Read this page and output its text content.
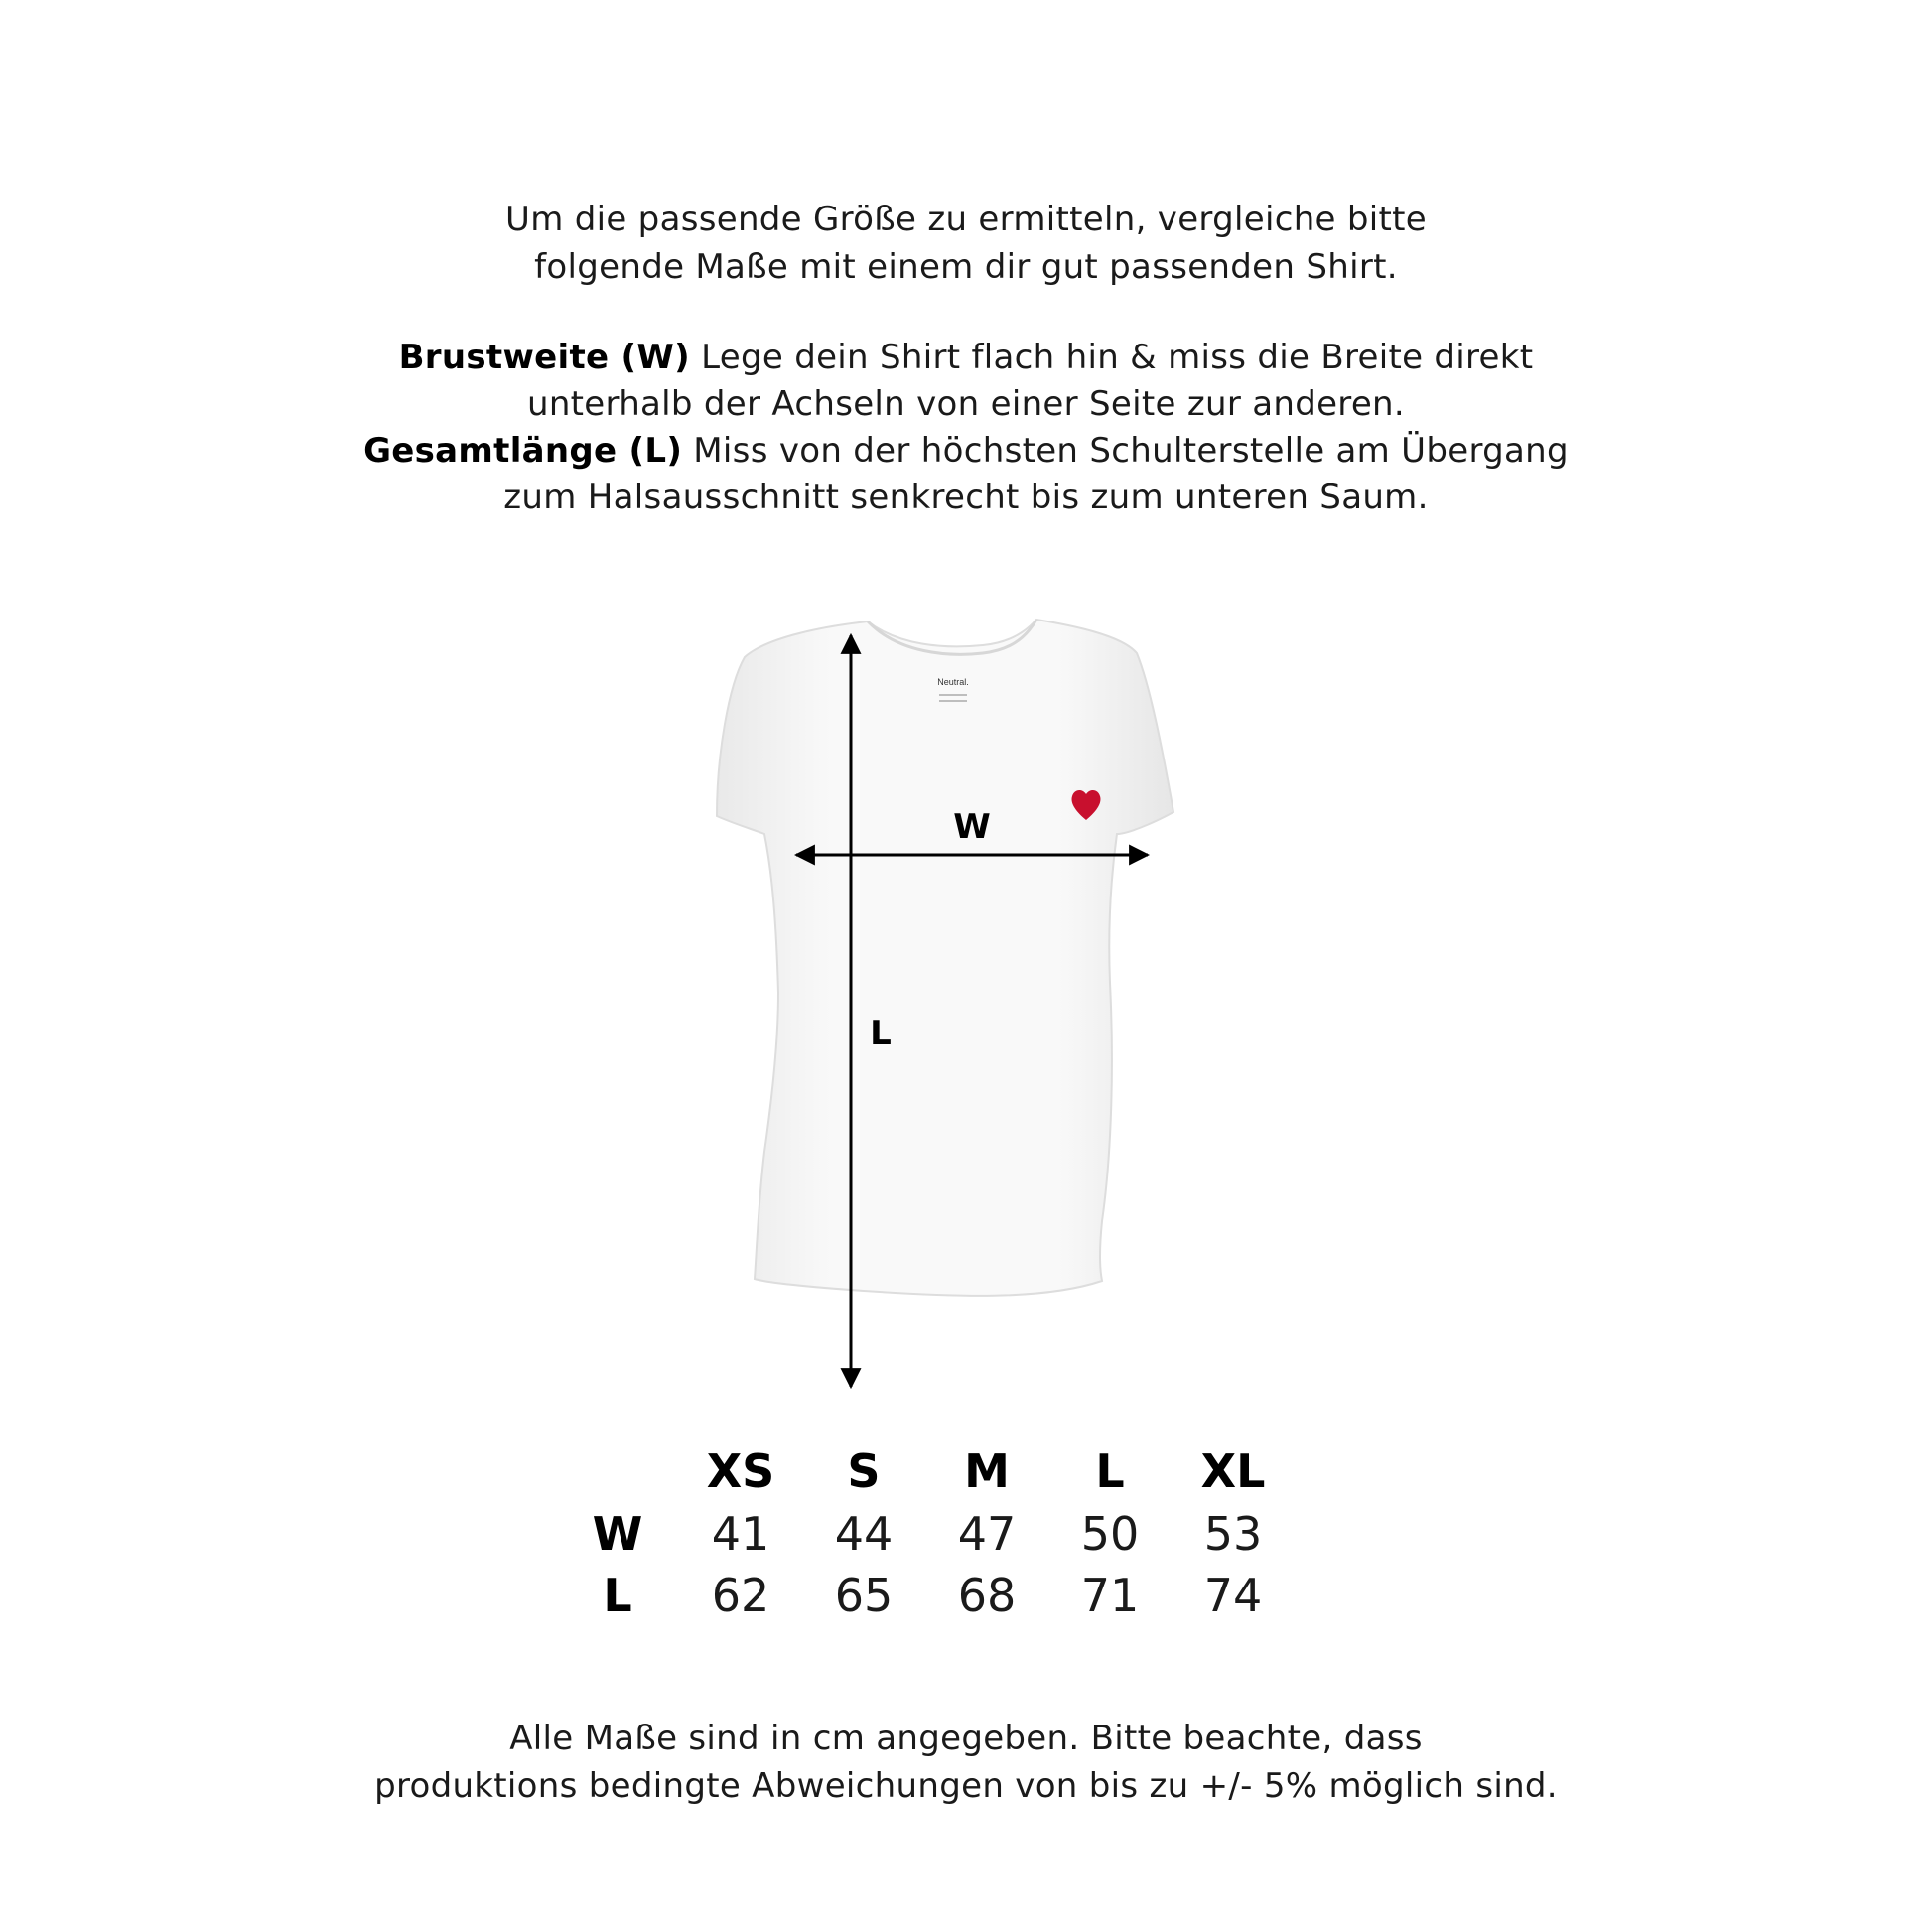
Um die passende Größe zu ermitteln, vergleiche bitte

folgende Maße mit einem dir gut passenden Shirt.

Brustweite (W) Lege dein Shirt flach hin & miss die Breite direkt

unterhalb der Achseln von einer Seite zur anderen.

Gesamtlänge (L) Miss von der höchsten Schulterstelle am Übergang

zum Halsausschnitt senkrecht bis zum unteren Saum.

Neutral.
W
L
	XS	S	M	L	XL
W	41	44	47	50	53
L	62	65	68	71	74

Alle Maße sind in cm angegeben. Bitte beachte, dass

produktions bedingte Abweichungen von bis zu +/- 5% möglich sind.
